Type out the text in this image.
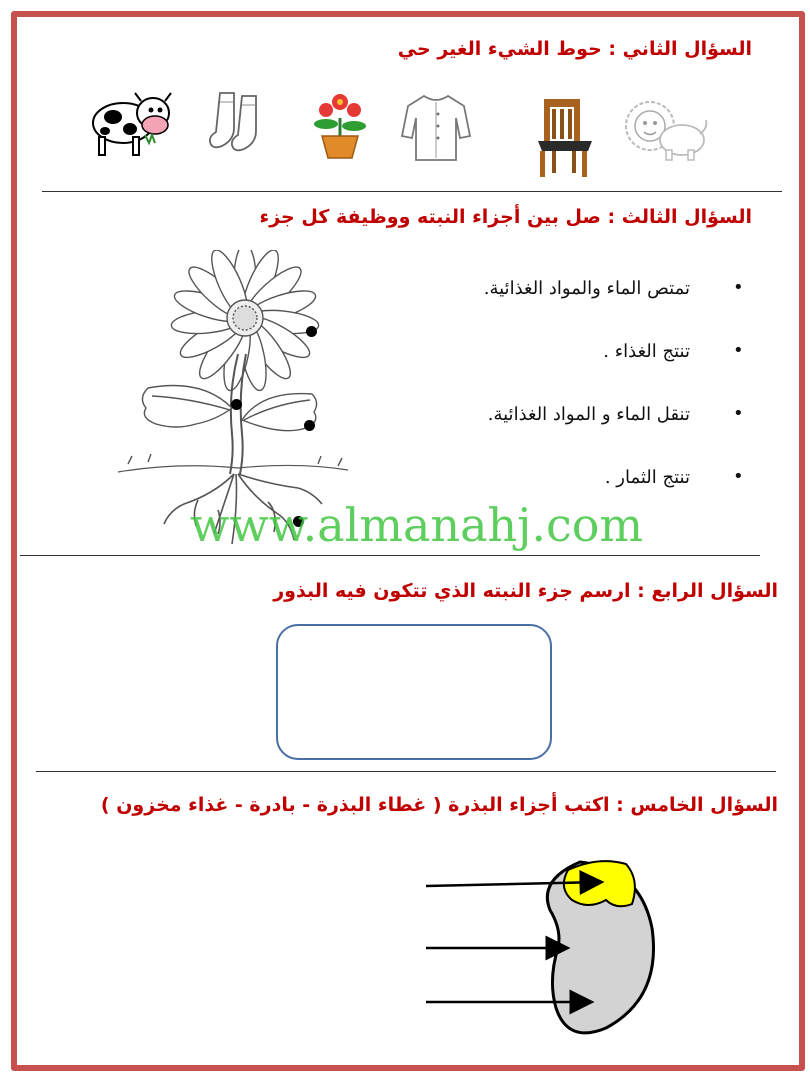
السؤال الثاني : حوط الشيء الغير حي
السؤال الثالث : صل بين أجزاء النبته ووظيفة كل جزء
•
تمتص الماء والمواد الغذائية.
•
تنتج الغذاء .
•
تنقل الماء و المواد الغذائية.
•
تنتج الثمار .
www.almanahj.com
السؤال الرابع : ارسم جزء النبته الذي تتكون فيه البذور
السؤال الخامس : اكتب أجزاء البذرة ( غطاء البذرة - بادرة - غذاء مخزون )
